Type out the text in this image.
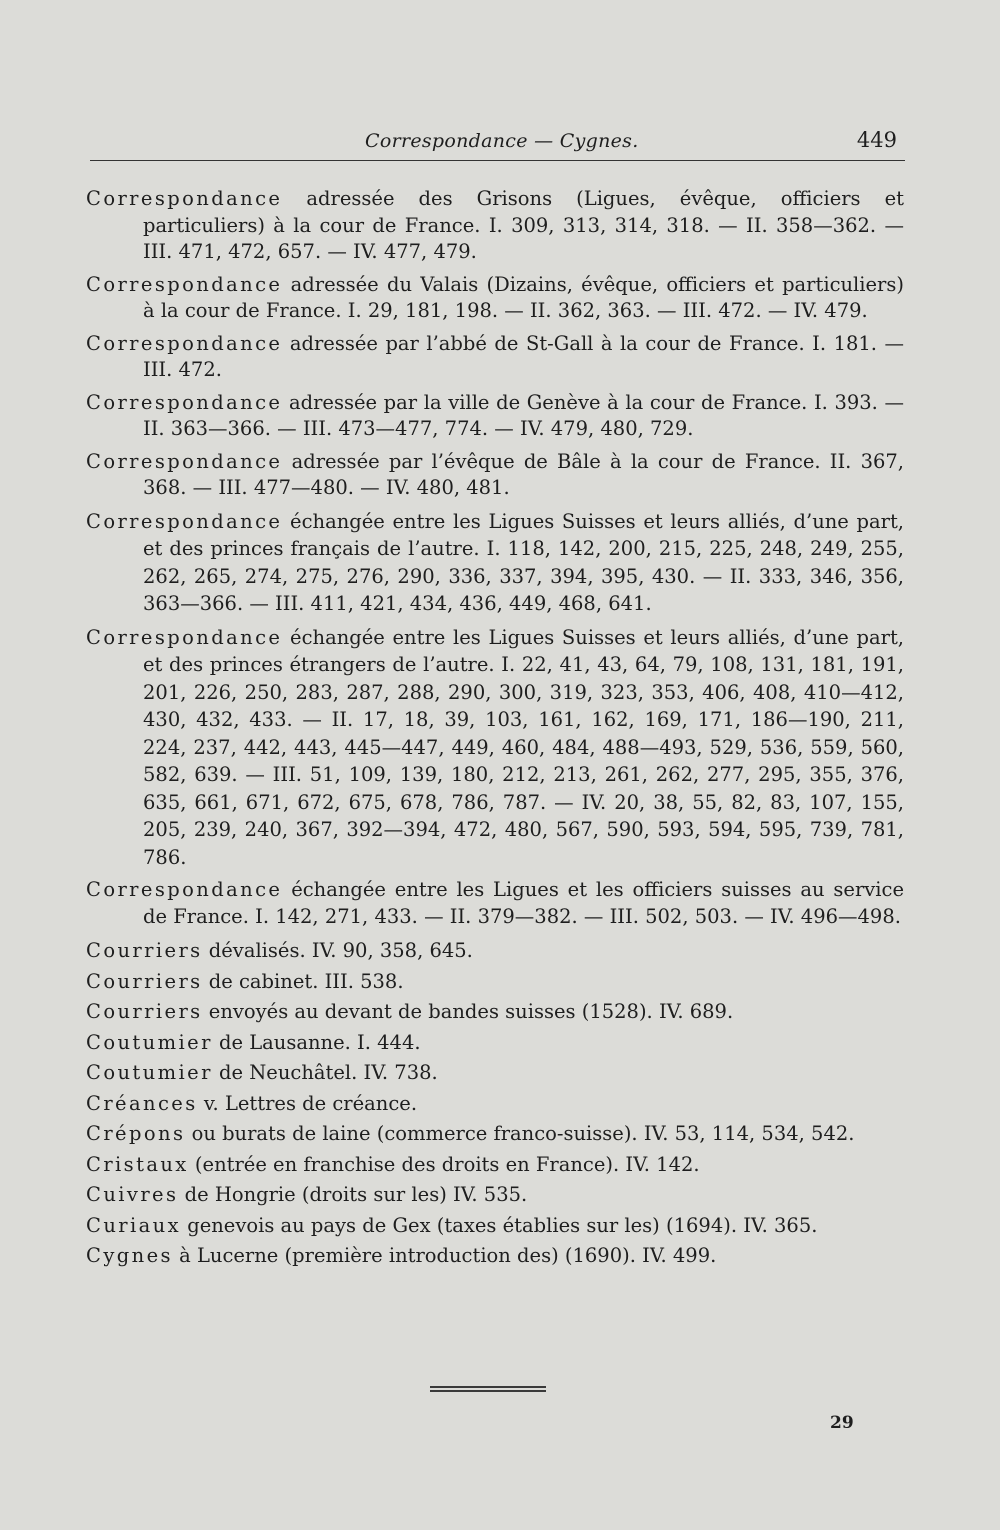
Correspondance — Cygnes.	449

Correspondance adressée des Grisons (Ligues, évêque, officiers et particuliers) à la cour de France. I. 309, 313, 314, 318. — II. 358—362. — III. 471, 472, 657. — IV. 477, 479.

Correspondance adressée du Valais (Dizains, évêque, officiers et particuliers) à la cour de France. I. 29, 181, 198. — II. 362, 363. — III. 472. — IV. 479.

Correspondance adressée par l’abbé de St-Gall à la cour de France. I. 181. — III. 472.

Correspondance adressée par la ville de Genève à la cour de France. I. 393. — II. 363—366. — III. 473—477, 774. — IV. 479, 480, 729.

Correspondance adressée par l’évêque de Bâle à la cour de France. II. 367, 368. — III. 477—480. — IV. 480, 481.

Correspondance échangée entre les Ligues Suisses et leurs alliés, d’une part, et des princes français de l’autre. I. 118, 142, 200, 215, 225, 248, 249, 255, 262, 265, 274, 275, 276, 290, 336, 337, 394, 395, 430. — II. 333, 346, 356, 363—366. — III. 411, 421, 434, 436, 449, 468, 641.

Correspondance échangée entre les Ligues Suisses et leurs alliés, d’une part, et des princes étrangers de l’autre. I. 22, 41, 43, 64, 79, 108, 131, 181, 191, 201, 226, 250, 283, 287, 288, 290, 300, 319, 323, 353, 406, 408, 410—412, 430, 432, 433. — II. 17, 18, 39, 103, 161, 162, 169, 171, 186—190, 211, 224, 237, 442, 443, 445—447, 449, 460, 484, 488—493, 529, 536, 559, 560, 582, 639. — III. 51, 109, 139, 180, 212, 213, 261, 262, 277, 295, 355, 376, 635, 661, 671, 672, 675, 678, 786, 787. — IV. 20, 38, 55, 82, 83, 107, 155, 205, 239, 240, 367, 392—394, 472, 480, 567, 590, 593, 594, 595, 739, 781, 786.

Correspondance échangée entre les Ligues et les officiers suisses au service de France. I. 142, 271, 433. — II. 379—382. — III. 502, 503. — IV. 496—498.

Courriers dévalisés. IV. 90, 358, 645.

Courriers de cabinet. III. 538.

Courriers envoyés au devant de bandes suisses (1528). IV. 689.

Coutumier de Lausanne. I. 444.

Coutumier de Neuchâtel. IV. 738.

Créances v. Lettres de créance.

Crépons ou burats de laine (commerce franco-suisse). IV. 53, 114, 534, 542.

Cristaux (entrée en franchise des droits en France). IV. 142.

Cuivres de Hongrie (droits sur les) IV. 535.

Curiaux genevois au pays de Gex (taxes établies sur les) (1694). IV. 365.

Cygnes à Lucerne (première introduction des) (1690). IV. 499.

29
